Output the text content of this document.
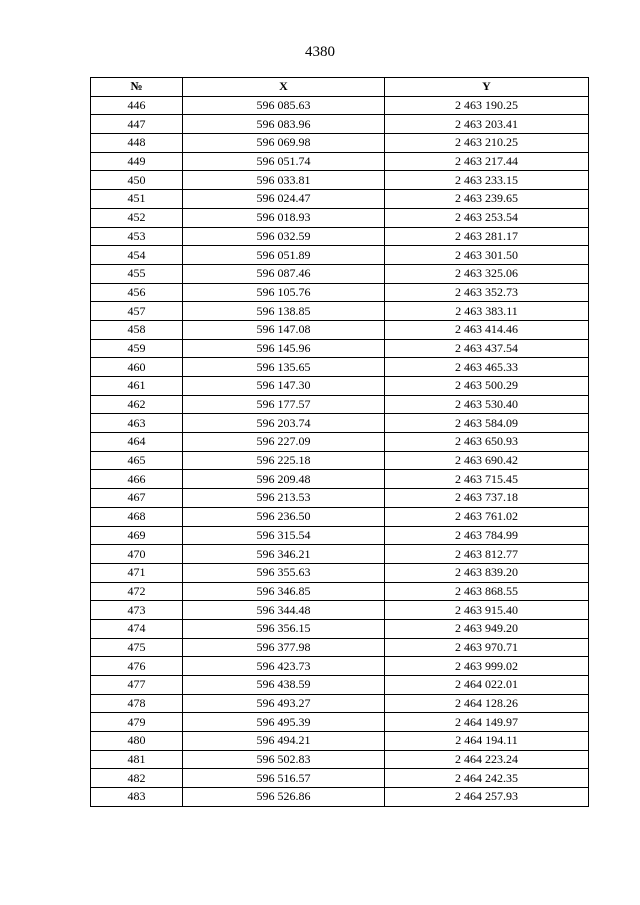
4380
№	X	Y
446	596 085.63	2 463 190.25
447	596 083.96	2 463 203.41
448	596 069.98	2 463 210.25
449	596 051.74	2 463 217.44
450	596 033.81	2 463 233.15
451	596 024.47	2 463 239.65
452	596 018.93	2 463 253.54
453	596 032.59	2 463 281.17
454	596 051.89	2 463 301.50
455	596 087.46	2 463 325.06
456	596 105.76	2 463 352.73
457	596 138.85	2 463 383.11
458	596 147.08	2 463 414.46
459	596 145.96	2 463 437.54
460	596 135.65	2 463 465.33
461	596 147.30	2 463 500.29
462	596 177.57	2 463 530.40
463	596 203.74	2 463 584.09
464	596 227.09	2 463 650.93
465	596 225.18	2 463 690.42
466	596 209.48	2 463 715.45
467	596 213.53	2 463 737.18
468	596 236.50	2 463 761.02
469	596 315.54	2 463 784.99
470	596 346.21	2 463 812.77
471	596 355.63	2 463 839.20
472	596 346.85	2 463 868.55
473	596 344.48	2 463 915.40
474	596 356.15	2 463 949.20
475	596 377.98	2 463 970.71
476	596 423.73	2 463 999.02
477	596 438.59	2 464 022.01
478	596 493.27	2 464 128.26
479	596 495.39	2 464 149.97
480	596 494.21	2 464 194.11
481	596 502.83	2 464 223.24
482	596 516.57	2 464 242.35
483	596 526.86	2 464 257.93
